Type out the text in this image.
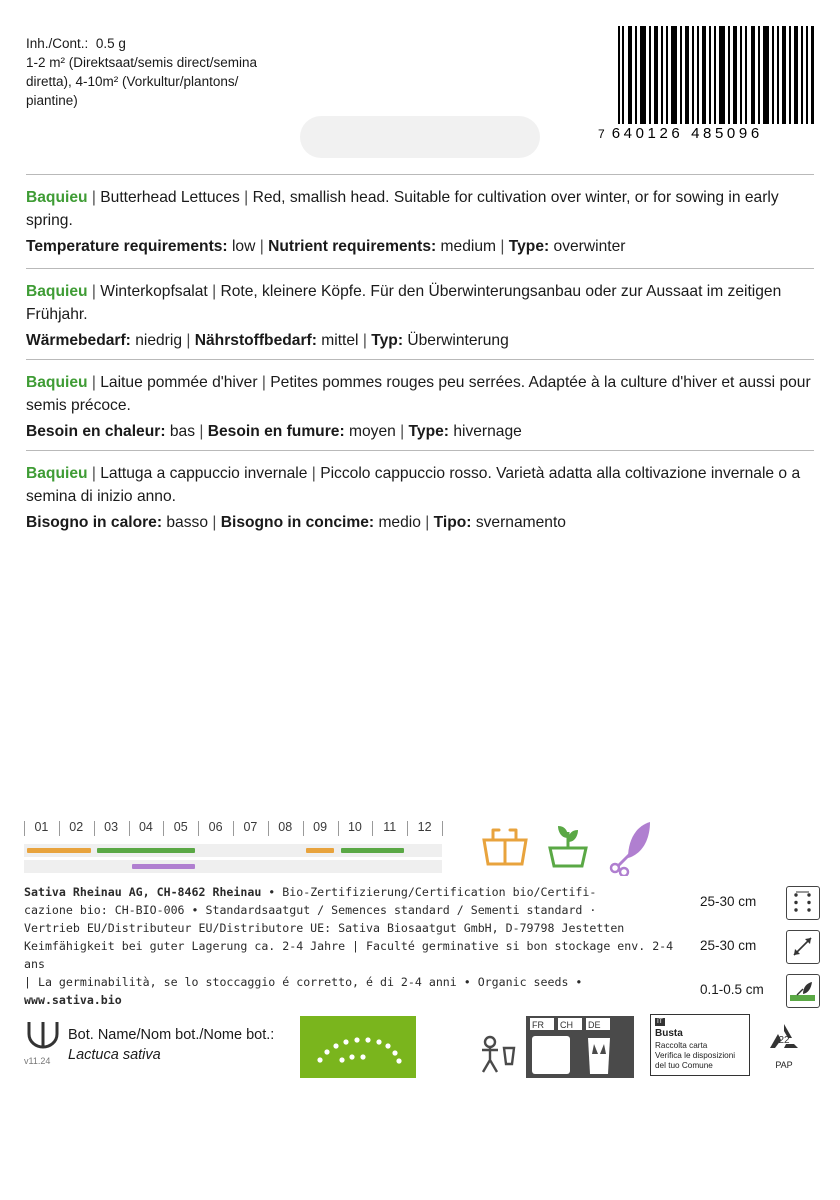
Inh./Cont.: 0.5 g
1-2 m² (Direktsaat/semis direct/semina
diretta), 4-10m² (Vorkultur/plantons/
piantine)
7 640126 485096
Baquieu | Butterhead Lettuces | Red, smallish head. Suitable for cultivation over winter, or for sowing in early spring.
Temperature requirements: low | Nutrient requirements: medium | Type: overwinter
Baquieu | Winterkopfsalat | Rote, kleinere Köpfe. Für den Überwinterungsanbau oder zur Aussaat im zeitigen Frühjahr.
Wärmebedarf: niedrig | Nährstoffbedarf: mittel | Typ: Überwinterung
Baquieu | Laitue pommée d'hiver | Petites pommes rouges peu serrées. Adaptée à la culture d'hiver et aussi pour semis précoce.
Besoin en chaleur: bas | Besoin en fumure: moyen | Type: hivernage
Baquieu | Lattuga a cappuccio invernale | Piccolo cappuccio rosso. Varietà adatta alla coltivazione invernale o a semina di inizio anno.
Bisogno in calore: basso | Bisogno in concime: medio | Tipo: svernamento
01	02	03	04	05	06	07	08	09	10	11	12
Sativa Rheinau AG, CH-8462 Rheinau • Bio-Zertifizierung/Certification bio/Certifi-
cazione bio: CH-BIO-006 • Standardsaatgut / Semences standard / Sementi standard ·
Vertrieb EU/Distributeur EU/Distributore UE: Sativa Biosaatgut GmbH, D-79798 Jestetten
Keimfähigkeit bei guter Lagerung ca. 2-4 Jahre | Faculté germinative si bon stockage env. 2-4 ans
| La germinabilità, se lo stoccaggio é corretto, é di 2-4 anni • Organic seeds • www.sativa.bio
25-30 cm
25-30 cm
0.1-0.5 cm
v11.24
Bot. Name/Nom bot./Nome bot.:
Lactuca sativa
FR CH DE	IT
Busta
Raccolta carta
Verifica le disposizioni
del tuo Comune
22
PAP
